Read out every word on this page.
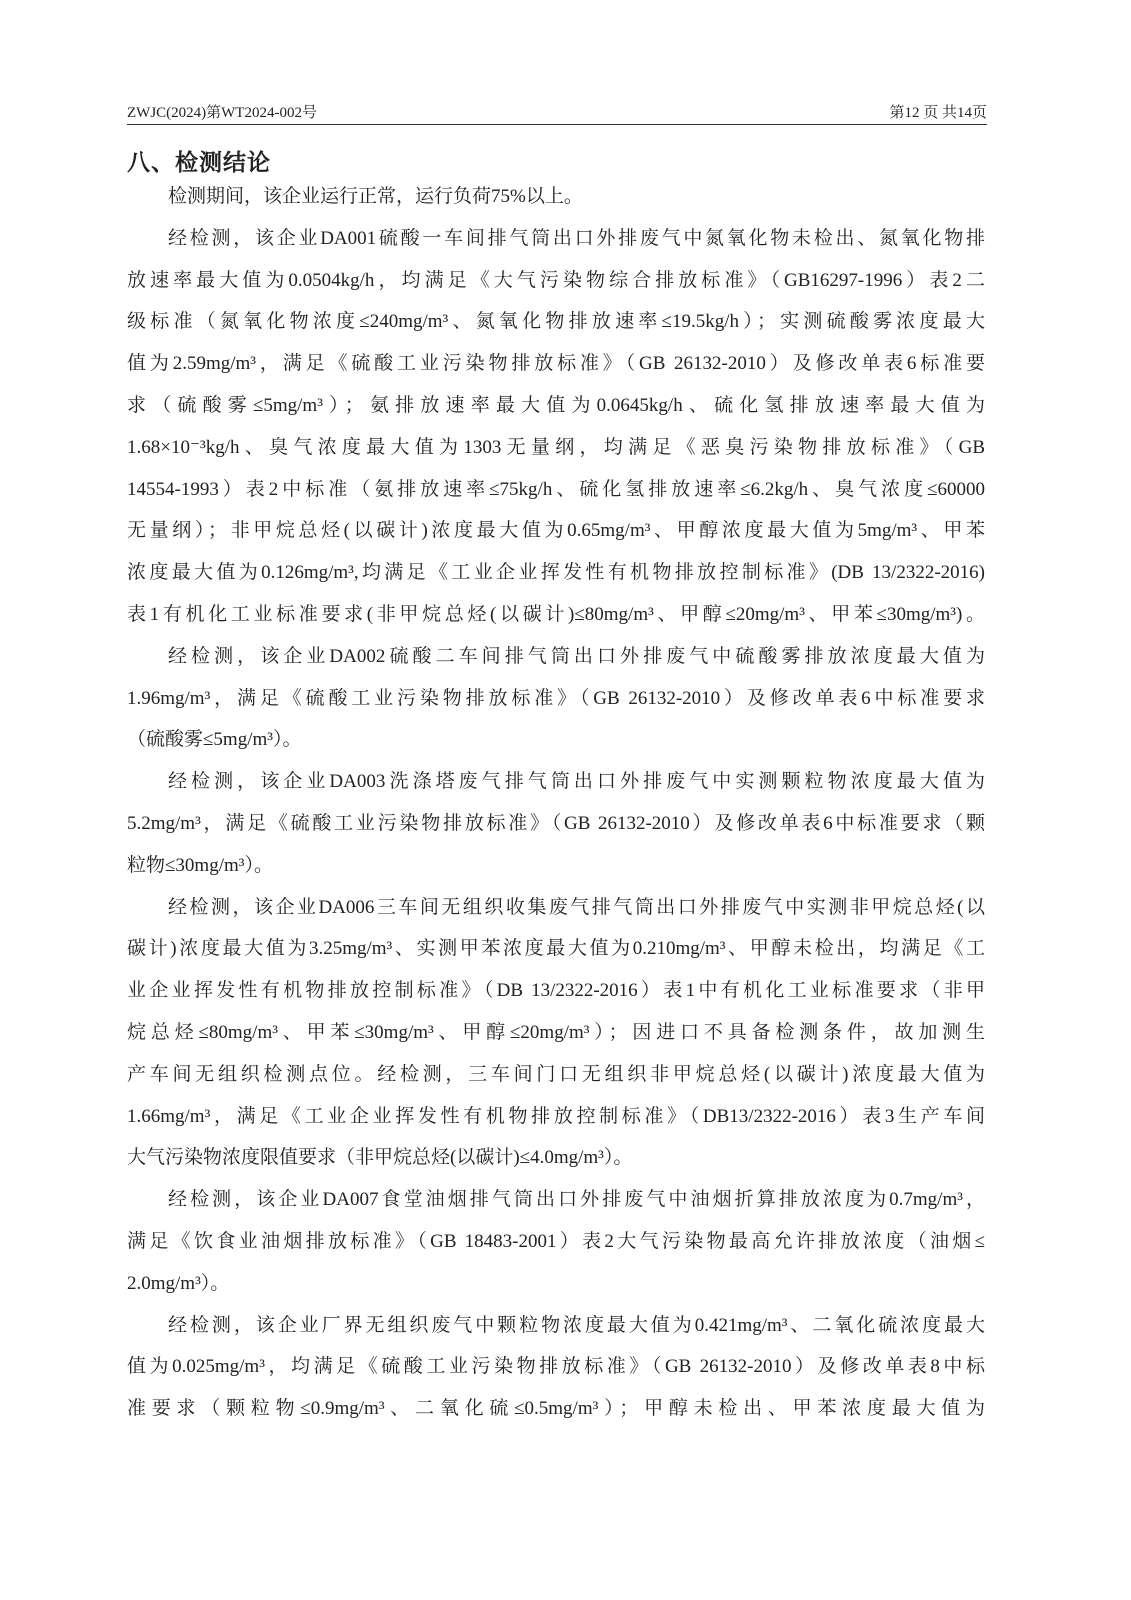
ZWJC(2024)第WT2024-002号	第12 页 共14页
八、检测结论
检测期间，该企业运行正常，运行负荷75%以上。
经检测，该企业DA001硫酸一车间排气筒出口外排废气中氮氧化物未检出、氮氧化物排
放速率最大值为0.0504kg/h，均满足《大气污染物综合排放标准》（GB16297-1996）表2二
级标准（氮氧化物浓度≤240mg/m³、氮氧化物排放速率≤19.5kg/h）；实测硫酸雾浓度最大
值为2.59mg/m³，满足《硫酸工业污染物排放标准》（GB 26132-2010）及修改单表6标准要
求（硫酸雾≤5mg/m³）；氨排放速率最大值为0.0645kg/h、硫化氢排放速率最大值为
1.68×10⁻³kg/h、臭气浓度最大值为1303无量纲，均满足《恶臭污染物排放标准》（GB
14554-1993）表2中标准（氨排放速率≤75kg/h、硫化氢排放速率≤6.2kg/h、臭气浓度≤60000
无量纲）；非甲烷总烃(以碳计)浓度最大值为0.65mg/m³、甲醇浓度最大值为5mg/m³、甲苯
浓度最大值为0.126mg/m³,均满足《工业企业挥发性有机物排放控制标准》(DB 13/2322-2016)
表1有机化工业标准要求(非甲烷总烃(以碳计)≤80mg/m³、甲醇≤20mg/m³、甲苯≤30mg/m³)。
经检测，该企业DA002硫酸二车间排气筒出口外排废气中硫酸雾排放浓度最大值为
1.96mg/m³，满足《硫酸工业污染物排放标准》（GB 26132-2010）及修改单表6中标准要求
（硫酸雾≤5mg/m³）。
经检测，该企业DA003洗涤塔废气排气筒出口外排废气中实测颗粒物浓度最大值为
5.2mg/m³，满足《硫酸工业污染物排放标准》（GB 26132-2010）及修改单表6中标准要求（颗
粒物≤30mg/m³）。
经检测，该企业DA006三车间无组织收集废气排气筒出口外排废气中实测非甲烷总烃(以
碳计)浓度最大值为3.25mg/m³、实测甲苯浓度最大值为0.210mg/m³、甲醇未检出，均满足《工
业企业挥发性有机物排放控制标准》（DB 13/2322-2016）表1中有机化工业标准要求（非甲
烷总烃≤80mg/m³、甲苯≤30mg/m³、甲醇≤20mg/m³）；因进口不具备检测条件，故加测生
产车间无组织检测点位。经检测，三车间门口无组织非甲烷总烃(以碳计)浓度最大值为
1.66mg/m³，满足《工业企业挥发性有机物排放控制标准》（DB13/2322-2016）表3生产车间
大气污染物浓度限值要求（非甲烷总烃(以碳计)≤4.0mg/m³）。
经检测，该企业DA007食堂油烟排气筒出口外排废气中油烟折算排放浓度为0.7mg/m³，
满足《饮食业油烟排放标准》（GB 18483-2001）表2大气污染物最高允许排放浓度（油烟≤
2.0mg/m³）。
经检测，该企业厂界无组织废气中颗粒物浓度最大值为0.421mg/m³、二氧化硫浓度最大
值为0.025mg/m³，均满足《硫酸工业污染物排放标准》（GB 26132-2010）及修改单表8中标
准要求（颗粒物≤0.9mg/m³、二氧化硫≤0.5mg/m³）；甲醇未检出、甲苯浓度最大值为
